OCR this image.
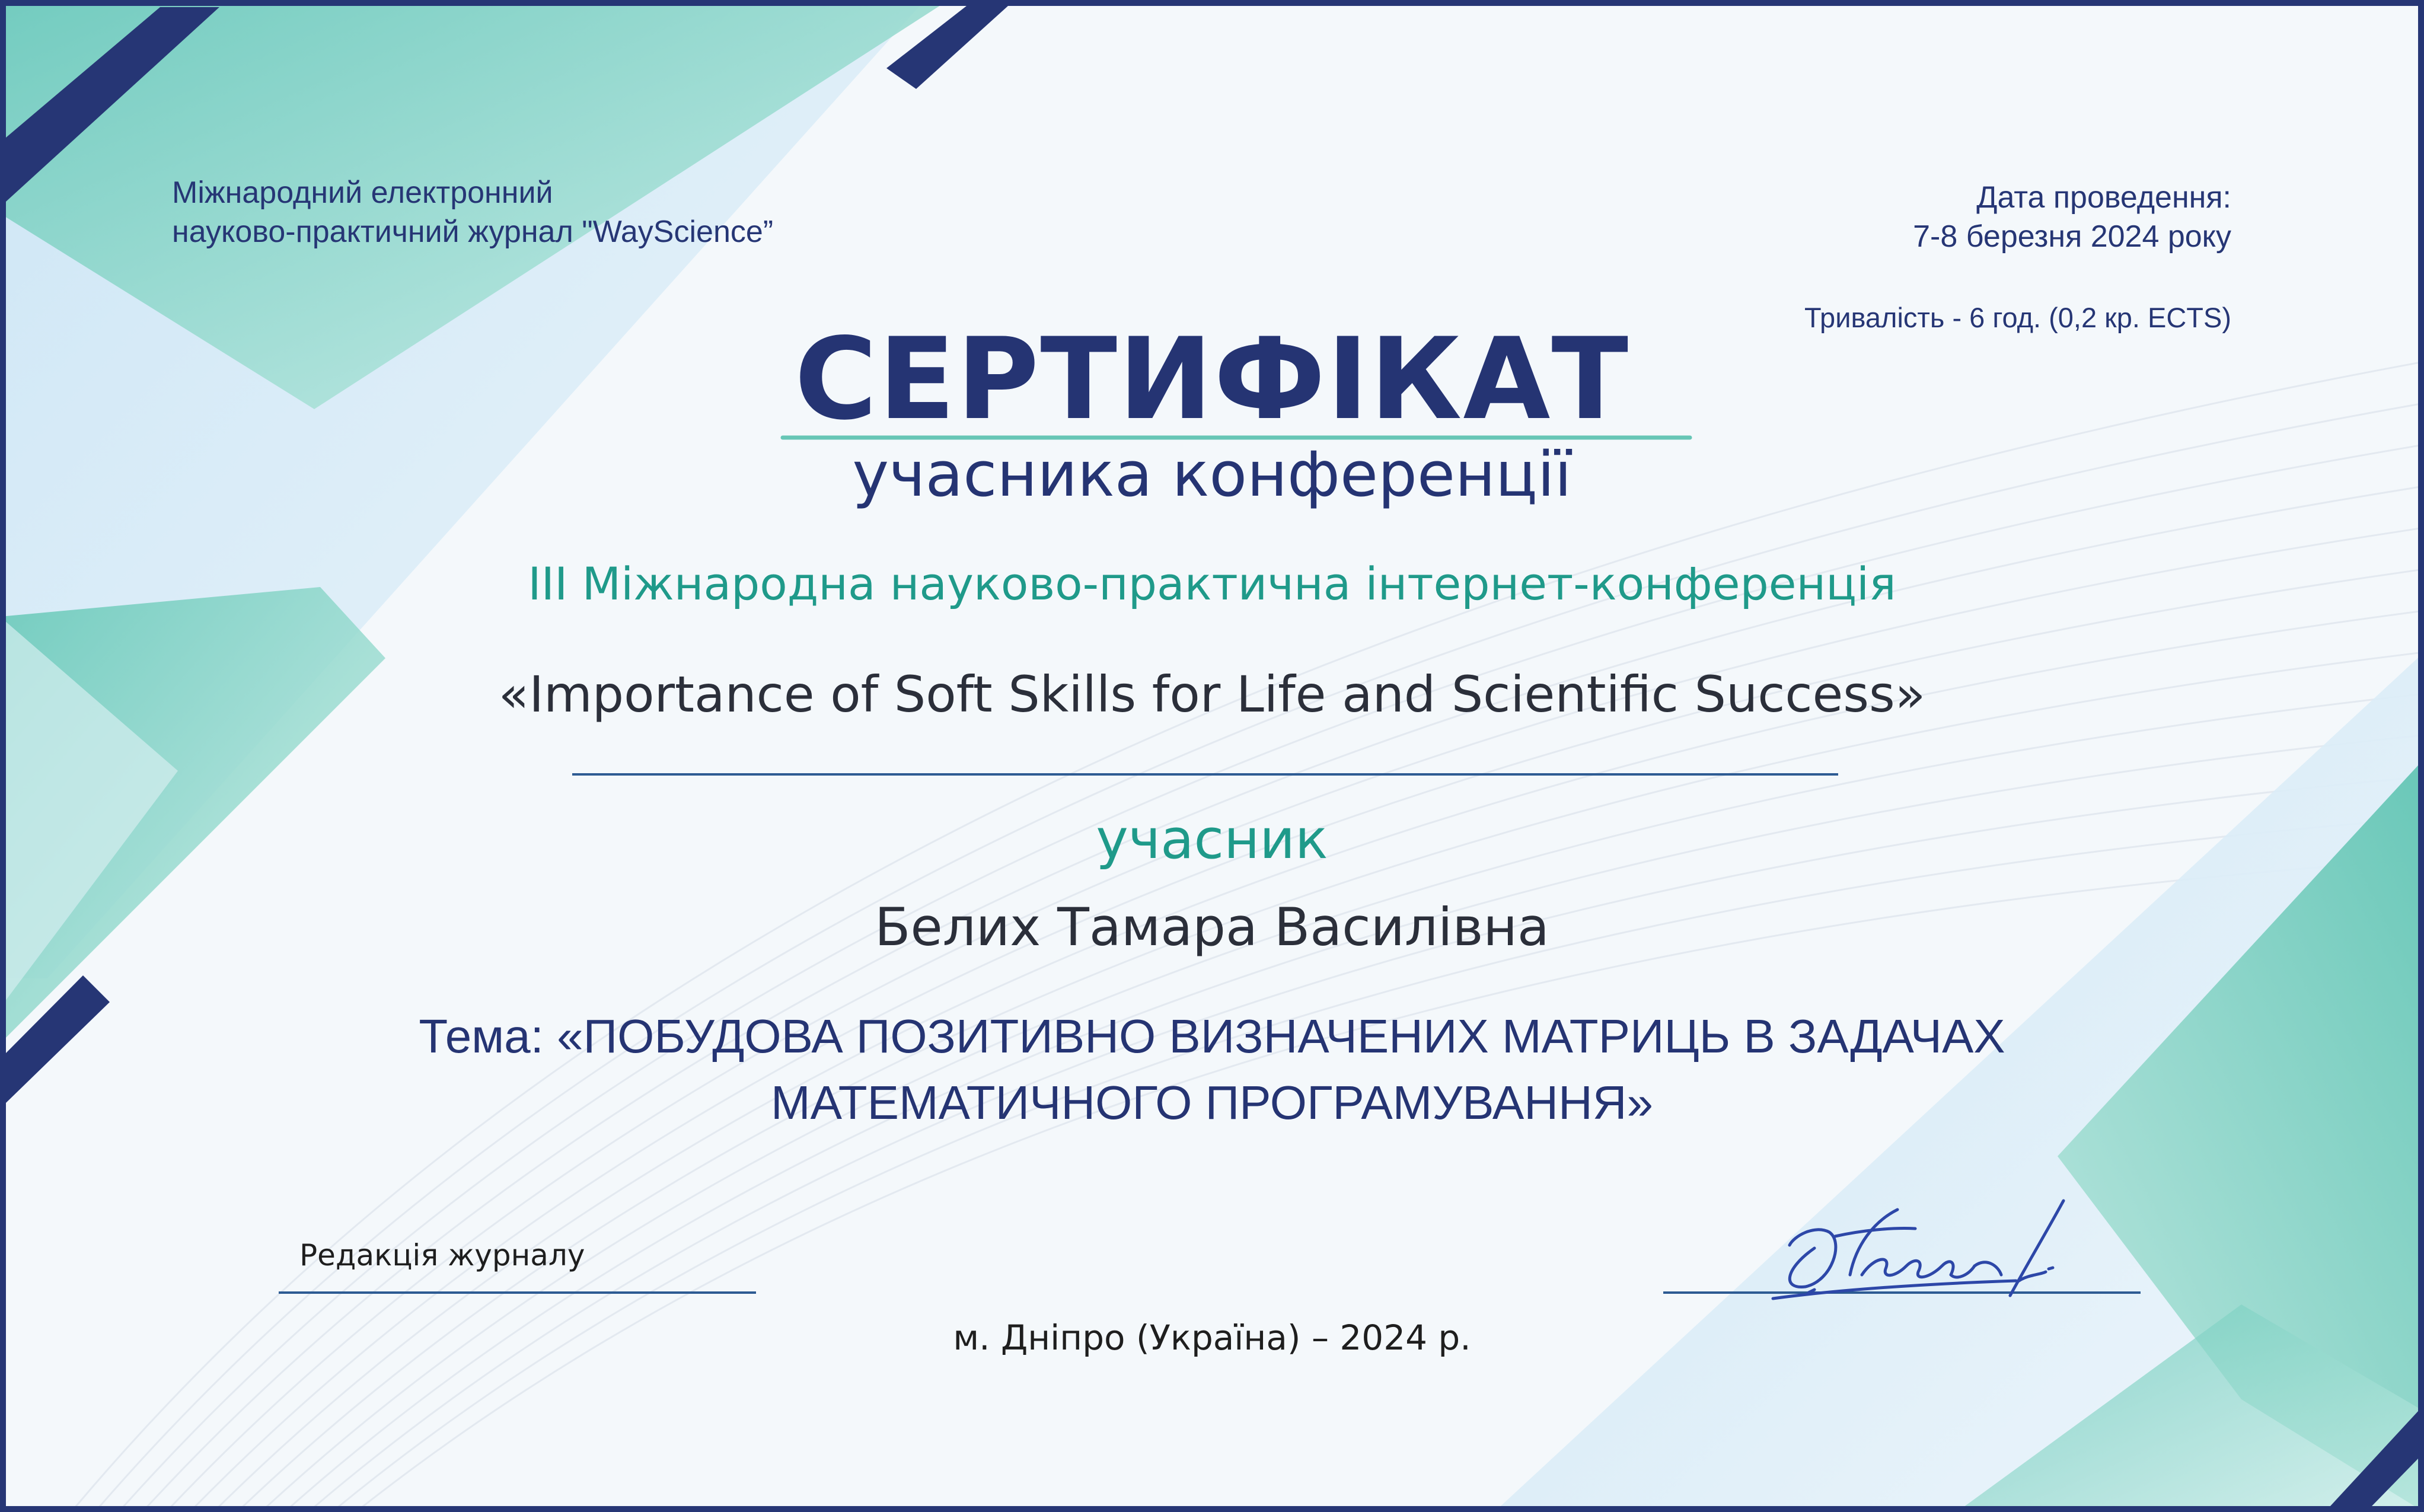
Міжнародний електронний
науково-практичний журнал "WayScience”
Дата проведення:
7-8 березня 2024 року
Тривалість - 6 год. (0,2 кр. ECTS)
СЕРТИФІКАТ
учасника конференції
III Міжнародна науково-практична інтернет-конференція
«Importance of Soft Skills for Life and Scientific Success»
учасник
Белих Тамара Василівна
Тема: «ПОБУДОВА ПОЗИТИВНО ВИЗНАЧЕНИХ МАТРИЦЬ В ЗАДАЧАХ
МАТЕМАТИЧНОГО ПРОГРАМУВАННЯ»
Редакція журналу
м. Дніпро (Україна) – 2024 р.
